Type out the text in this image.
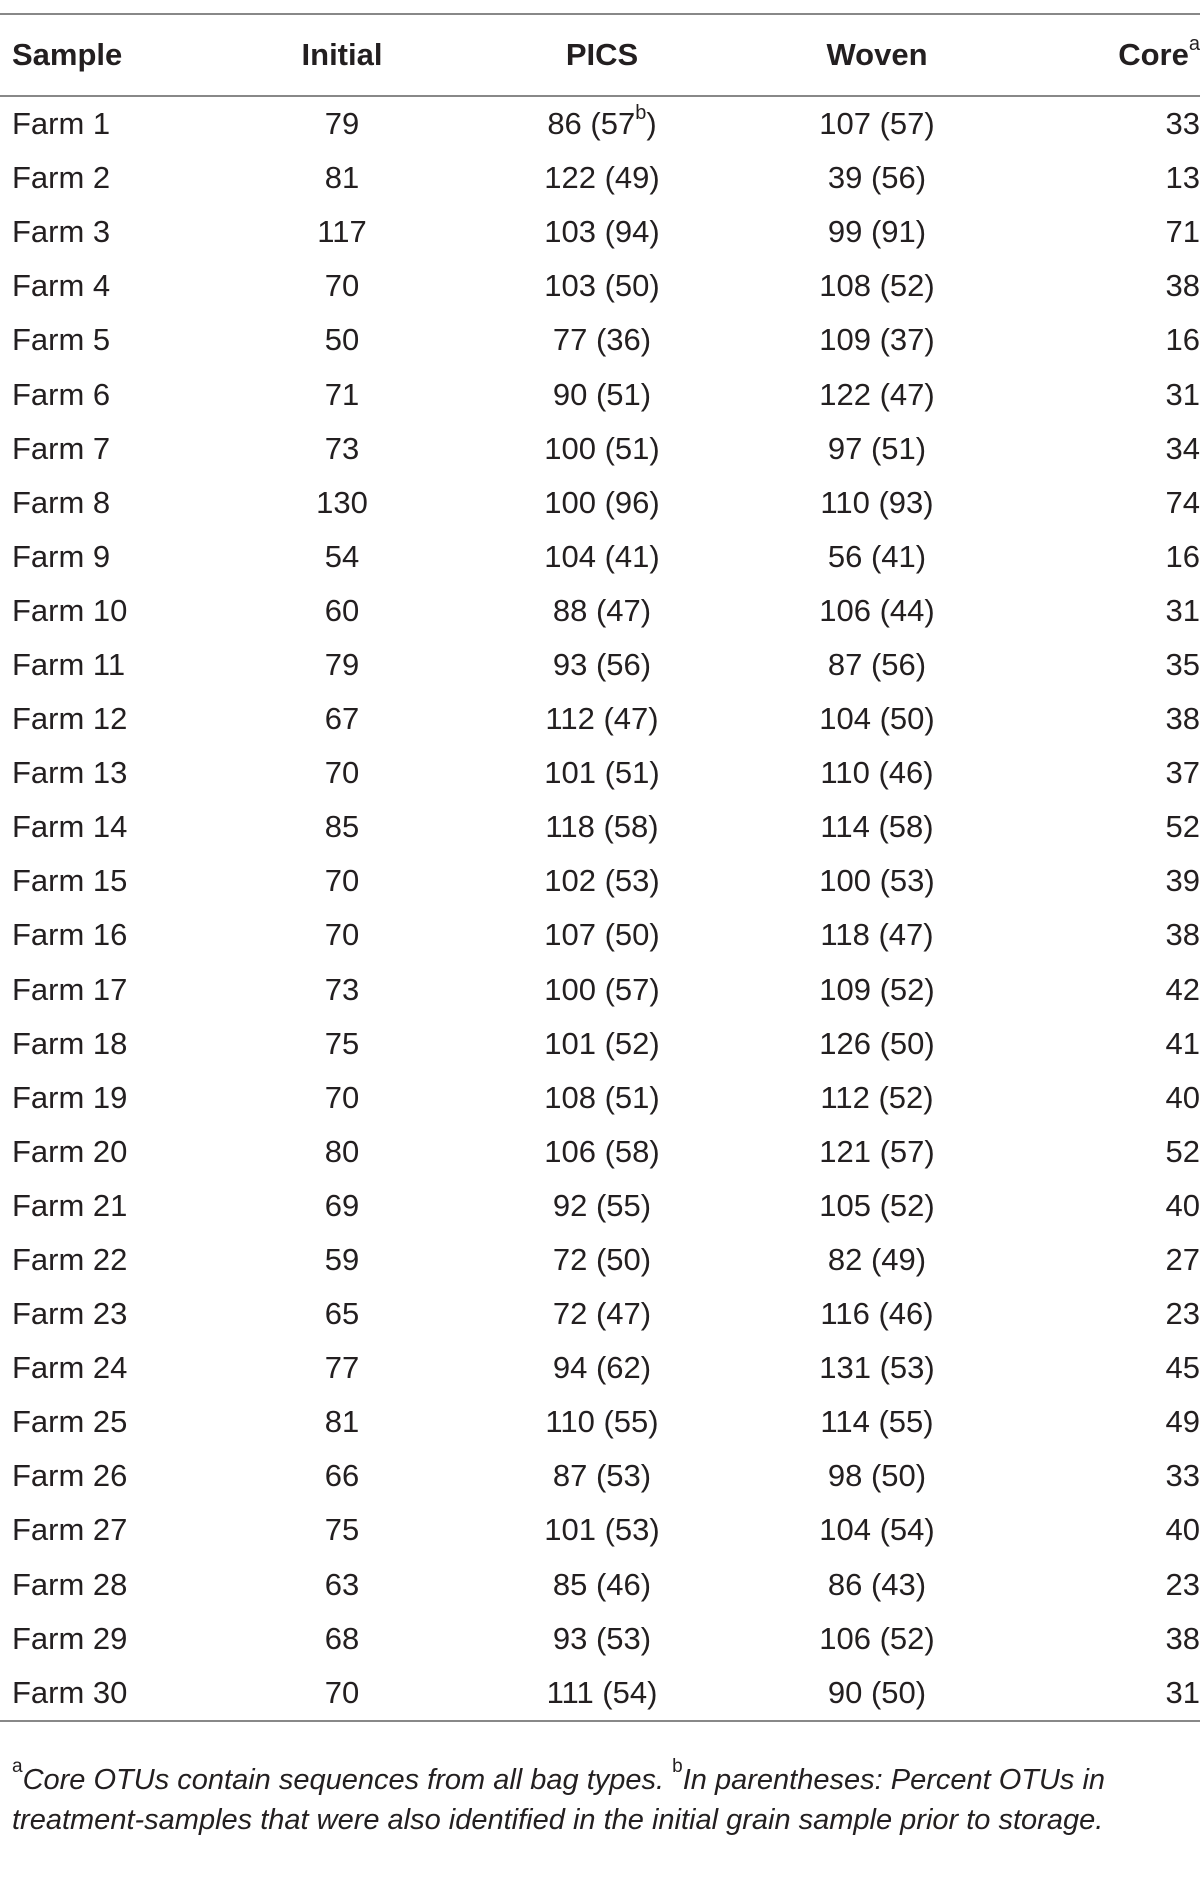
Sample	Initial	PICS	Woven	Core$^a$
Farm 1	79	86 (57$^b$)	107 (57)	33
Farm 2	81	122 (49)	39 (56)	13
Farm 3	117	103 (94)	99 (91)	71
Farm 4	70	103 (50)	108 (52)	38
Farm 5	50	77 (36)	109 (37)	16
Farm 6	71	90 (51)	122 (47)	31
Farm 7	73	100 (51)	97 (51)	34
Farm 8	130	100 (96)	110 (93)	74
Farm 9	54	104 (41)	56 (41)	16
Farm 10	60	88 (47)	106 (44)	31
Farm 11	79	93 (56)	87 (56)	35
Farm 12	67	112 (47)	104 (50)	38
Farm 13	70	101 (51)	110 (46)	37
Farm 14	85	118 (58)	114 (58)	52
Farm 15	70	102 (53)	100 (53)	39
Farm 16	70	107 (50)	118 (47)	38
Farm 17	73	100 (57)	109 (52)	42
Farm 18	75	101 (52)	126 (50)	41
Farm 19	70	108 (51)	112 (52)	40
Farm 20	80	106 (58)	121 (57)	52
Farm 21	69	92 (55)	105 (52)	40
Farm 22	59	72 (50)	82 (49)	27
Farm 23	65	72 (47)	116 (46)	23
Farm 24	77	94 (62)	131 (53)	45
Farm 25	81	110 (55)	114 (55)	49
Farm 26	66	87 (53)	98 (50)	33
Farm 27	75	101 (53)	104 (54)	40
Farm 28	63	85 (46)	86 (43)	23
Farm 29	68	93 (53)	106 (52)	38
Farm 30	70	111 (54)	90 (50)	31
$^a$Core OTUs contain sequences from all bag types. $^b$In parentheses: Percent OTUs in treatment-samples that were also identified in the initial grain sample prior to storage.
